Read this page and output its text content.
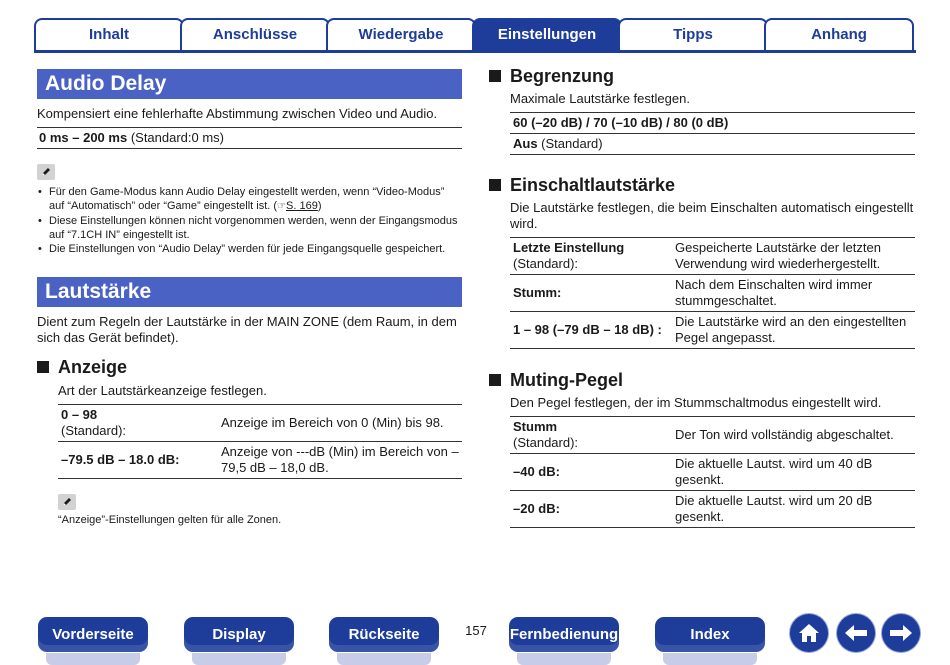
Inhalt	Anschlüsse	Wiedergabe	Einstellungen	Tipps	Anhang
Audio Delay
Kompensiert eine fehlerhafte Abstimmung zwischen Video und Audio.
0 ms – 200 ms (Standard:0 ms)
• Für den Game-Modus kann Audio Delay eingestellt werden, wenn “Video-Modus” auf “Automatisch” oder “Game” eingestellt ist. (☞S. 169)
• Diese Einstellungen können nicht vorgenommen werden, wenn der Eingangsmodus auf “7.1CH IN” eingestellt ist.
• Die Einstellungen von “Audio Delay” werden für jede Eingangsquelle gespeichert.
Lautstärke
Dient zum Regeln der Lautstärke in der MAIN ZONE (dem Raum, in dem sich das Gerät befindet).
Anzeige
Art der Lautstärkeanzeige festlegen.
0 – 98
(Standard):	Anzeige im Bereich von 0 (Min) bis 98.
–79.5 dB – 18.0 dB:	Anzeige von ---dB (Min) im Bereich von –79,5 dB – 18,0 dB.
“Anzeige”-Einstellungen gelten für alle Zonen.
Begrenzung
Maximale Lautstärke festlegen.
60 (–20 dB) / 70 (–10 dB) / 80 (0 dB)
Aus (Standard)
Einschaltlautstärke
Die Lautstärke festlegen, die beim Einschalten automatisch eingestellt wird.
Letzte Einstellung
(Standard):	Gespeicherte Lautstärke der letzten Verwendung wird wiederhergestellt.
Stumm:	Nach dem Einschalten wird immer stummgeschaltet.
1 – 98 (–79 dB – 18 dB) :	Die Lautstärke wird an den eingestellten Pegel angepasst.
Muting-Pegel
Den Pegel festlegen, der im Stummschaltmodus eingestellt wird.
Stumm
(Standard):	Der Ton wird vollständig abgeschaltet.
–40 dB:	Die aktuelle Lautst. wird um 40 dB gesenkt.
–20 dB:	Die aktuelle Lautst. wird um 20 dB gesenkt.
Vorderseite	Display	Rückseite	157	Fernbedienung	Index
